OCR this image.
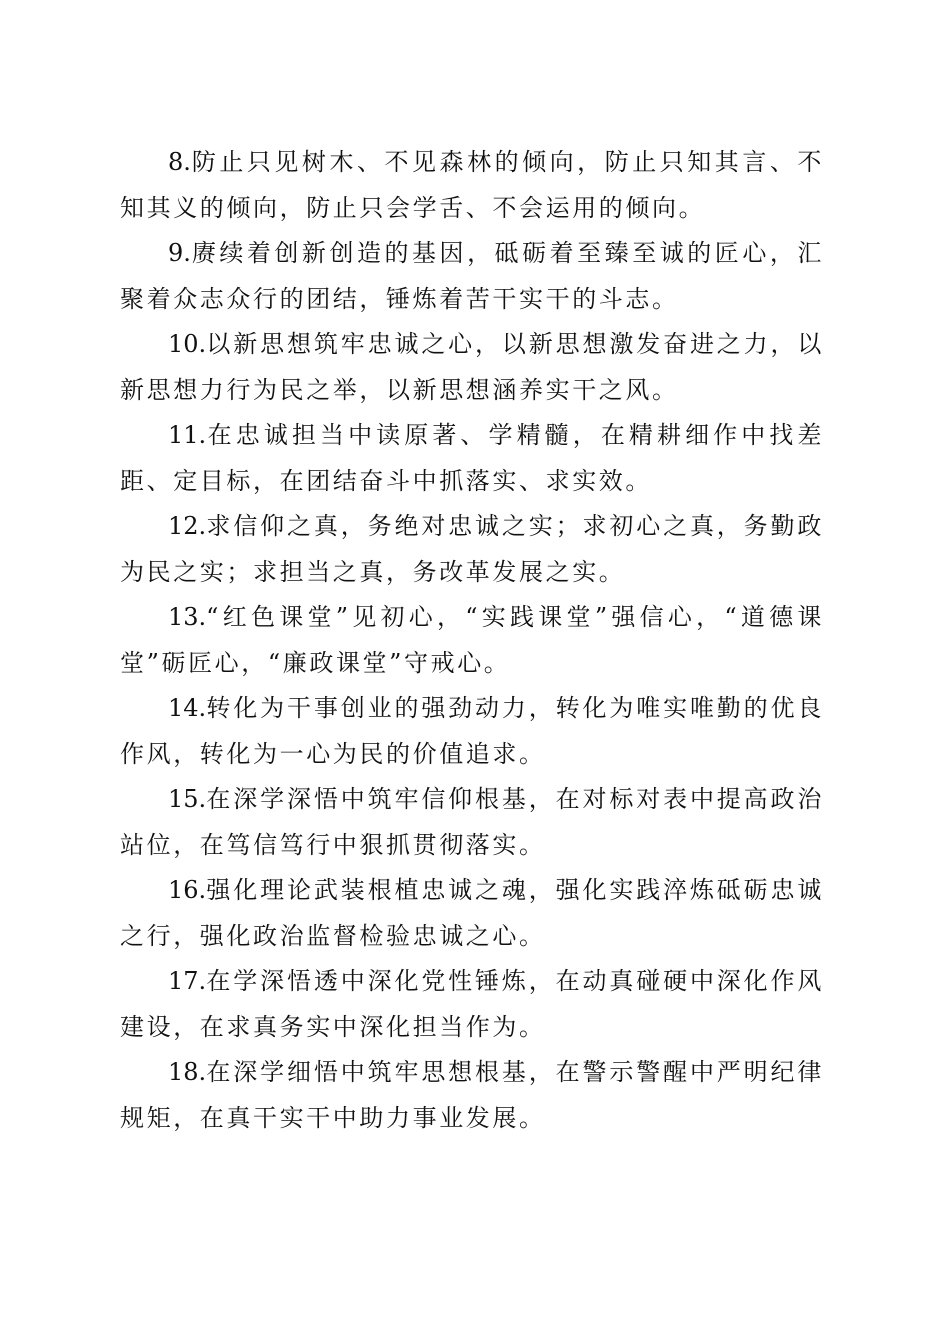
8.防止只见树木、不见森林的倾向，防止只知其言、不知其义的倾向，防止只会学舌、不会运用的倾向。

9.赓续着创新创造的基因，砥砺着至臻至诚的匠心，汇聚着众志众行的团结，锤炼着苦干实干的斗志。

10.以新思想筑牢忠诚之心，以新思想激发奋进之力，以新思想力行为民之举，以新思想涵养实干之风。

11.在忠诚担当中读原著、学精髓，在精耕细作中找差距、定目标，在团结奋斗中抓落实、求实效。

12.求信仰之真，务绝对忠诚之实；求初心之真，务勤政为民之实；求担当之真，务改革发展之实。

13.“红色课堂”见初心，“实践课堂”强信心，“道德课堂”砺匠心，“廉政课堂”守戒心。

14.转化为干事创业的强劲动力，转化为唯实唯勤的优良作风，转化为一心为民的价值追求。

15.在深学深悟中筑牢信仰根基，在对标对表中提高政治站位，在笃信笃行中狠抓贯彻落实。

16.强化理论武装根植忠诚之魂，强化实践淬炼砥砺忠诚之行，强化政治监督检验忠诚之心。

17.在学深悟透中深化党性锤炼，在动真碰硬中深化作风建设，在求真务实中深化担当作为。

18.在深学细悟中筑牢思想根基，在警示警醒中严明纪律规矩，在真干实干中助力事业发展。
